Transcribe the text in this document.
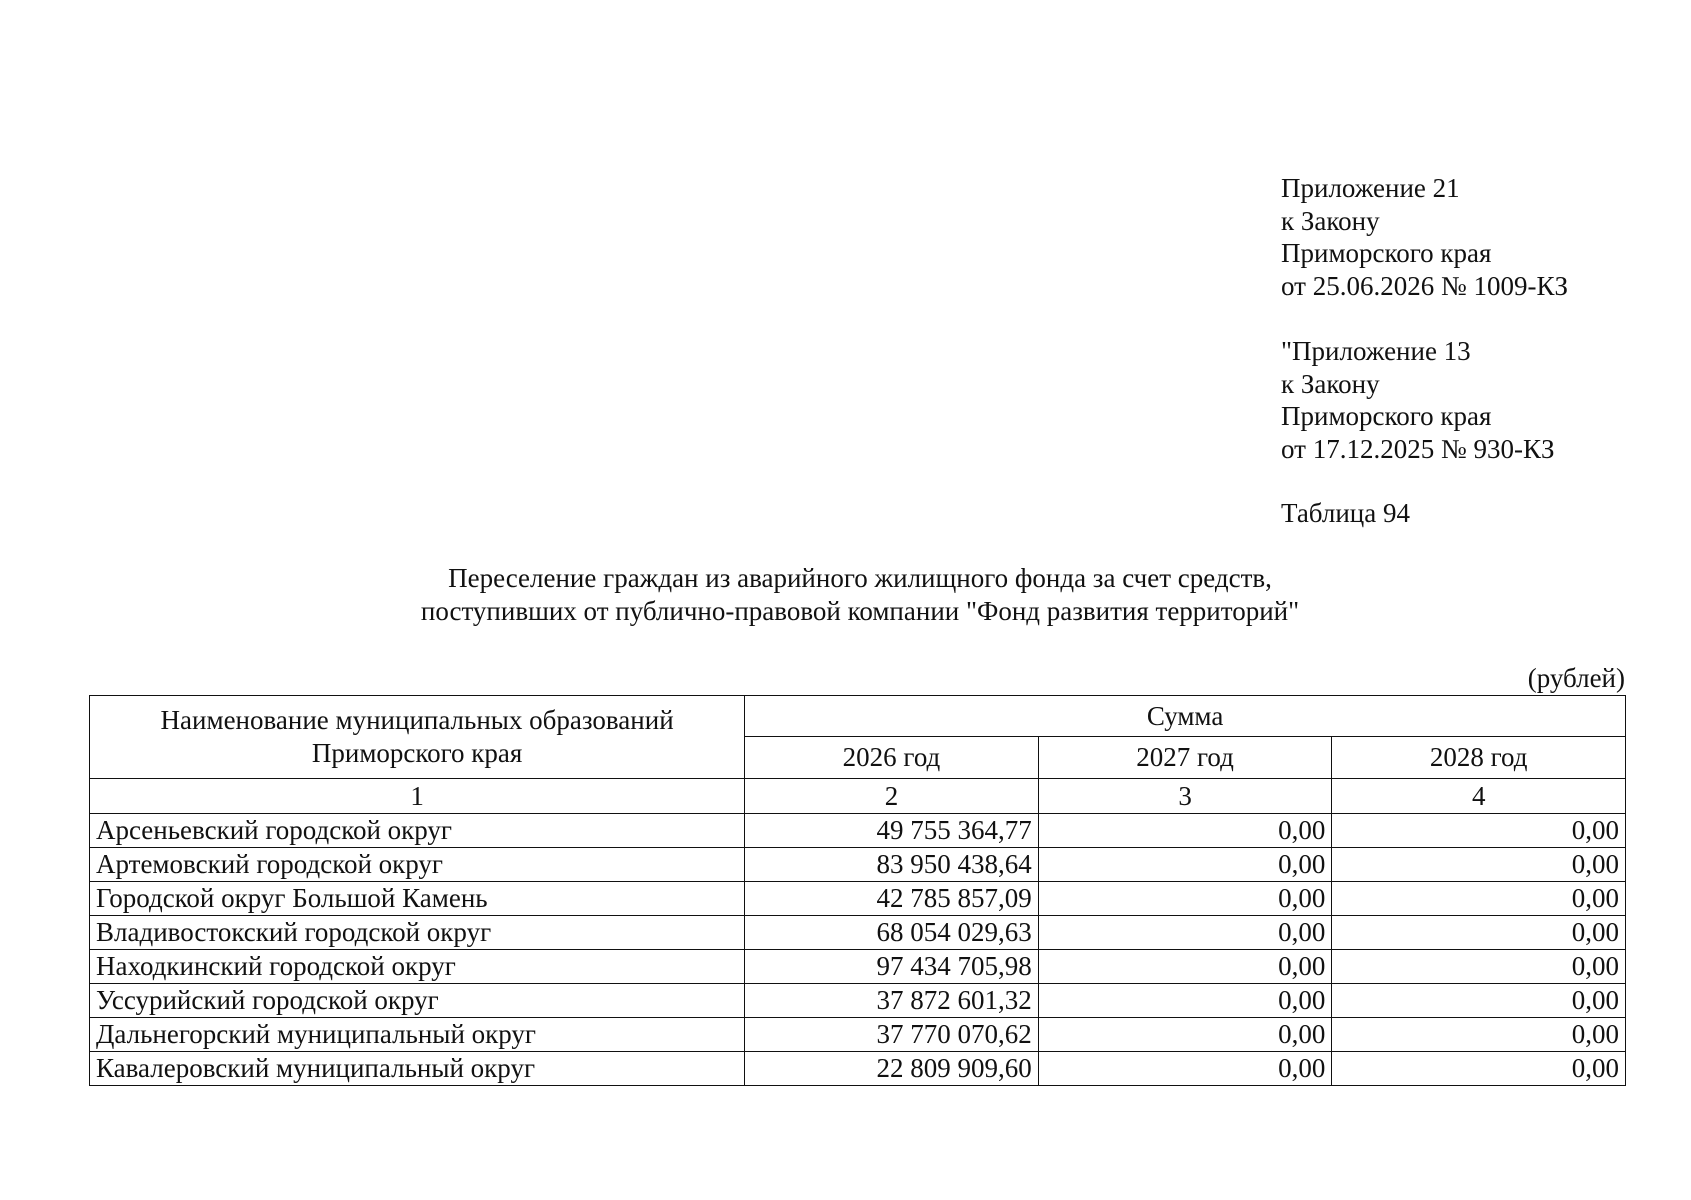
Приложение 21
к Закону
Приморского края
от 25.06.2026 № 1009-КЗ
"Приложение 13
к Закону
Приморского края
от 17.12.2025 № 930-КЗ
Таблица 94
Переселение граждан из аварийного жилищного фонда за счет средств,
поступивших от публично-правовой компании "Фонд развития территорий"
(рублей)
Наименование муниципальных образований
Приморского края	Сумма		
	2026 год	2027 год	2028 год
1	2	3	4
Арсеньевский городской округ	49 755 364,77	0,00	0,00
Артемовский городской округ	83 950 438,64	0,00	0,00
Городской округ Большой Камень	42 785 857,09	0,00	0,00
Владивостокский городской округ	68 054 029,63	0,00	0,00
Находкинский городской округ	97 434 705,98	0,00	0,00
Уссурийский городской округ	37 872 601,32	0,00	0,00
Дальнегорский муниципальный округ	37 770 070,62	0,00	0,00
Кавалеровский муниципальный округ	22 809 909,60	0,00	0,00
